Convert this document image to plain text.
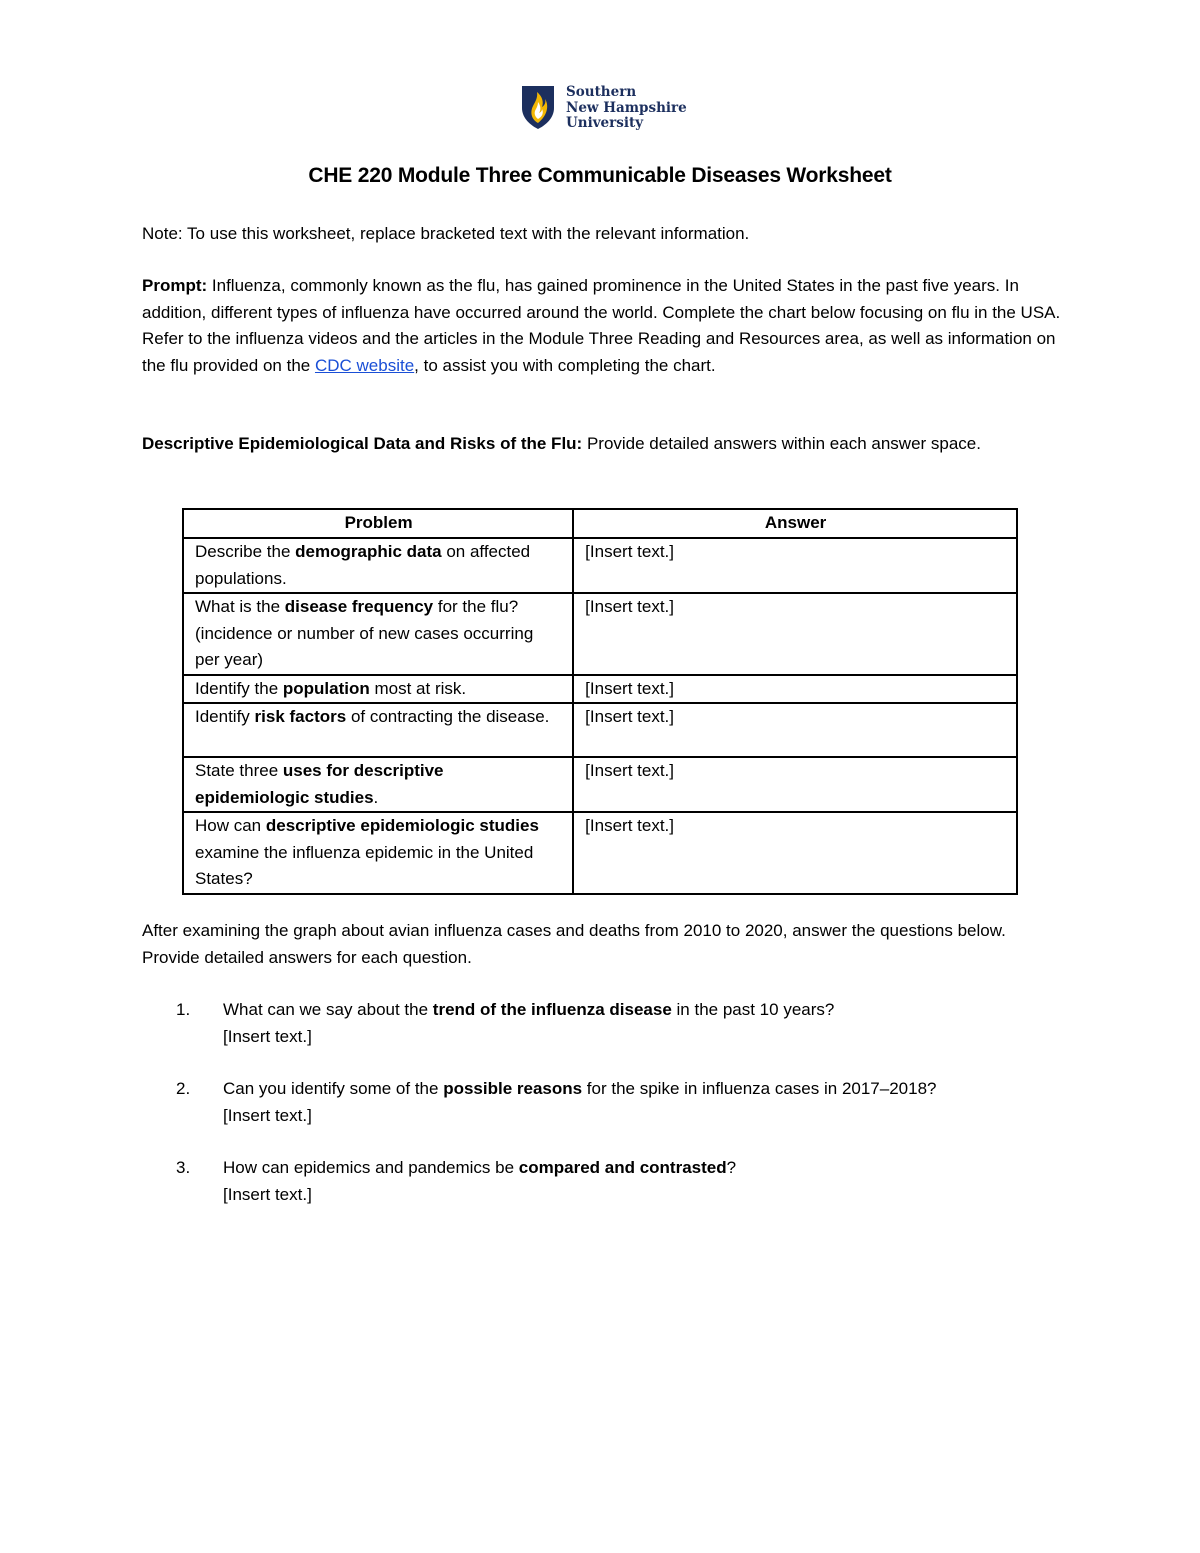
Southern
New Hampshire
University
CHE 220 Module Three Communicable Diseases Worksheet
Note: To use this worksheet, replace bracketed text with the relevant information.
Prompt: Influenza, commonly known as the flu, has gained prominence in the United States in the past five years. In addition, different types of influenza have occurred around the world. Complete the chart below focusing on flu in the USA. Refer to the influenza videos and the articles in the Module Three Reading and Resources area, as well as information on the flu provided on the CDC website, to assist you with completing the chart.
Descriptive Epidemiological Data and Risks of the Flu: Provide detailed answers within each answer space.
Problem	Answer
Describe the demographic data on affected populations.	[Insert text.]
What is the disease frequency for the flu? (incidence or number of new cases occurring per year)	[Insert text.]
Identify the population most at risk.	[Insert text.]
Identify risk factors of contracting the disease.	[Insert text.]
State three uses for descriptive epidemiologic studies.	[Insert text.]
How can descriptive epidemiologic studies examine the influenza epidemic in the United States?	[Insert text.]
After examining the graph about avian influenza cases and deaths from 2010 to 2020, answer the questions below. Provide detailed answers for each question.
1. What can we say about the trend of the influenza disease in the past 10 years?
[Insert text.]
2. Can you identify some of the possible reasons for the spike in influenza cases in 2017–2018?
[Insert text.]
3. How can epidemics and pandemics be compared and contrasted?
[Insert text.]
